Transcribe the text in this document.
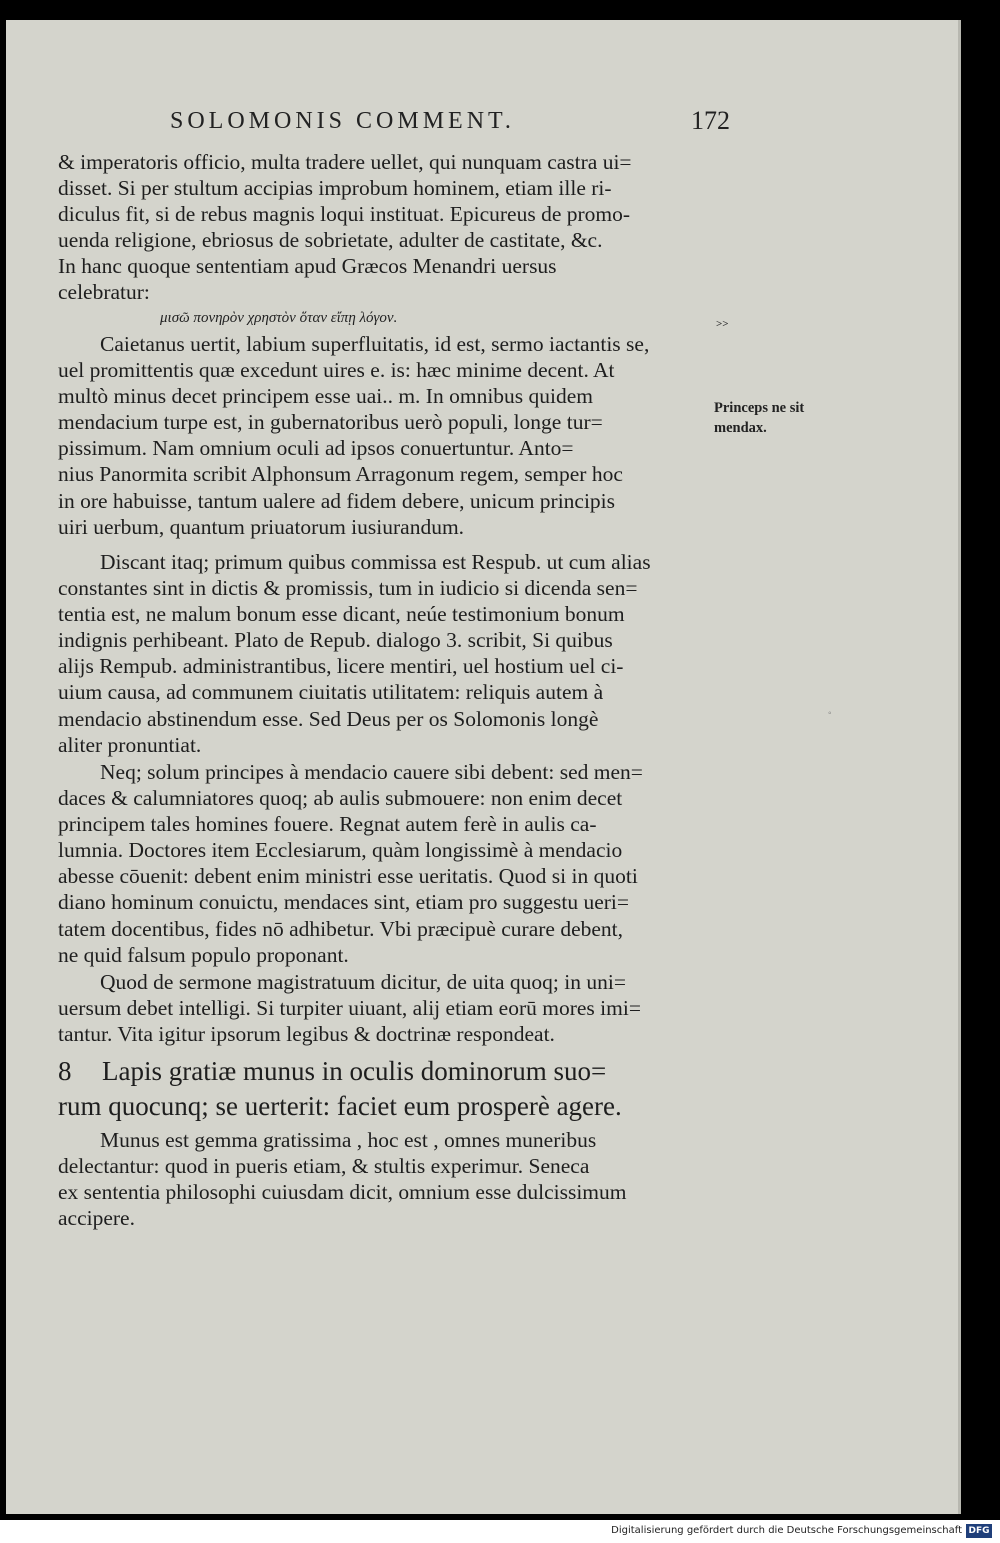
SOLOMONIS COMMENT.	172

& imperatoris officio, multa tradere uellet, qui nunquam castra ui=

disset. Si per stultum accipias improbum hominem, etiam ille ri-

diculus fit, si de rebus magnis loqui instituat. Epicureus de promo-

uenda religione, ebriosus de sobrietate, adulter de castitate, &c.

In hanc quoque sententiam apud Græcos Menandri uersus

celebratur:

μισῶ πονηρὸν χρηστὸν ὅταν εἴπῃ λόγον.	>>

Caietanus uertit, labium superfluitatis, id est, sermo iactantis se,

uel promittentis quæ excedunt uires e. is: hæc minime decent. At

multò minus decet principem esse uai.. m. In omnibus quidem

mendacium turpe est, in gubernatoribus uerò populi, longe tur=

pissimum. Nam omnium oculi ad ipsos conuertuntur. Anto=

nius Panormita scribit Alphonsum Arragonum regem, semper hoc

in ore habuisse, tantum ualere ad fidem debere, unicum principis

uiri uerbum, quantum priuatorum iusiurandum.

Princeps ne sit
mendax.

Discant itaq; primum quibus commissa est Respub. ut cum alias

constantes sint in dictis & promissis, tum in iudicio si dicenda sen=

tentia est, ne malum bonum esse dicant, neúe testimonium bonum

indignis perhibeant. Plato de Repub. dialogo 3. scribit, Si quibus

alijs Rempub. administrantibus, licere mentiri, uel hostium uel ci-

uium causa, ad communem ciuitatis utilitatem: reliquis autem à

mendacio abstinendum esse. Sed Deus per os Solomonis longè

aliter pronuntiat.

◦

Neq; solum principes à mendacio cauere sibi debent: sed men=

daces & calumniatores quoq; ab aulis submouere: non enim decet

principem tales homines fouere. Regnat autem ferè in aulis ca-

lumnia. Doctores item Ecclesiarum, quàm longissimè à mendacio

abesse cōuenit: debent enim ministri esse ueritatis. Quod si in quoti

diano hominum conuictu, mendaces sint, etiam pro suggestu ueri=

tatem docentibus, fides nō adhibetur. Vbi præcipuè curare debent,

ne quid falsum populo proponant.

Quod de sermone magistratuum dicitur, de uita quoq; in uni=

uersum debet intelligi. Si turpiter uiuant, alij etiam eorū mores imi=

tantur. Vita igitur ipsorum legibus & doctrinæ respondeat.

8 Lapis gratiæ munus in oculis dominorum suo=
rum quocunq; se uerterit: faciet eum prosperè agere.

Munus est gemma gratissima , hoc est , omnes muneribus

delectantur: quod in pueris etiam, & stultis experimur. Seneca

ex sententia philosophi cuiusdam dicit, omnium esse dulcissimum

accipere.

Digitalisierung gefördert durch die Deutsche Forschungsgemeinschaft DFG
